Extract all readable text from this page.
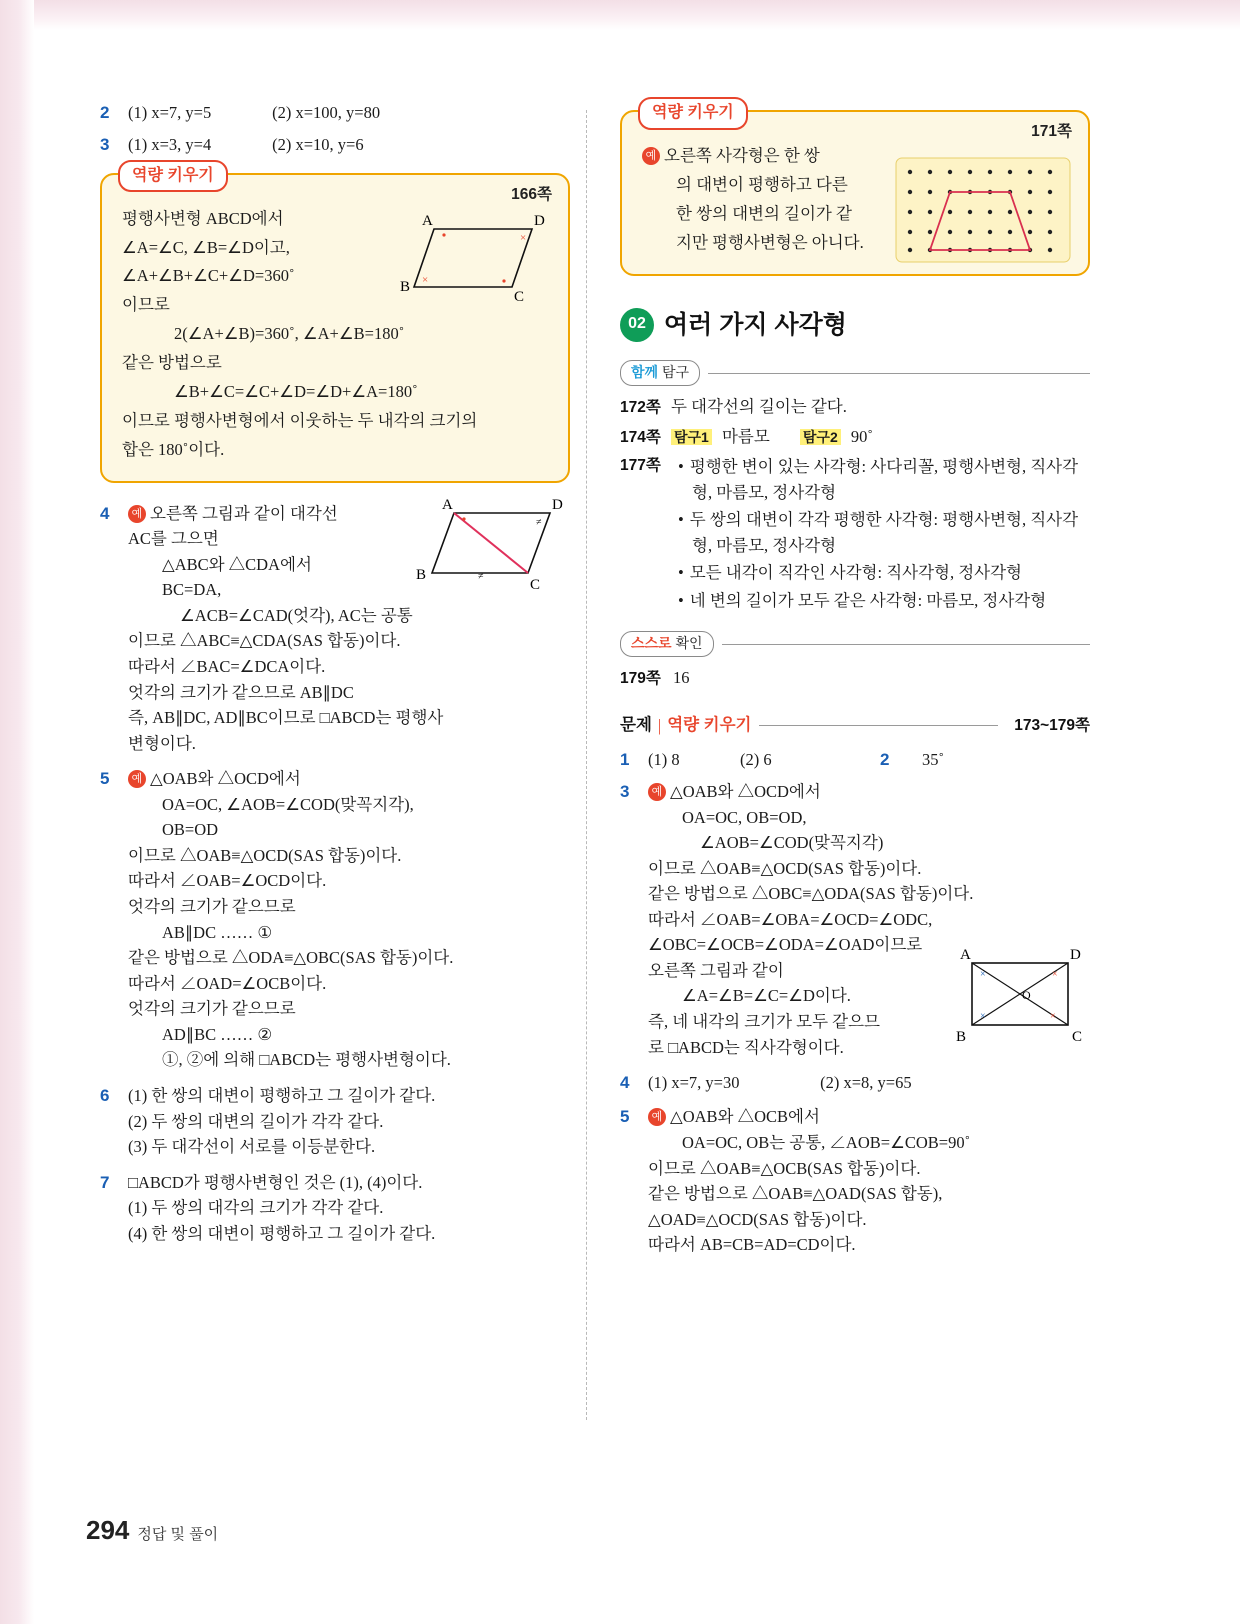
2	(1) x=7, y=5	(2) x=100, y=80
3	(1) x=3, y=4	(2) x=10, y=6
역량 키우기
166쪽
평행사변형 ABCD에서
∠A=∠C, ∠B=∠D이고,
∠A+∠B+∠C+∠D=360˚
이므로
2(∠A+∠B)=360˚, ∠A+∠B=180˚
같은 방법으로
∠B+∠C=∠C+∠D=∠D+∠A=180˚
이므로 평행사변형에서 이웃하는 두 내각의 크기의
합은 180˚이다.
A	D
B
C
×
×
4	예 오른쪽 그림과 같이 대각선
AC를 그으면
△ABC와 △CDA에서
BC=DA,
∠ACB=∠CAD(엇각), AC는 공통
이므로 △ABC≡△CDA(SAS 합동)이다.
따라서 ∠BAC=∠DCA이다.
엇각의 크기가 같으므로 AB∥DC
즉, AB∥DC, AD∥BC이므로 □ABCD는 평행사
변형이다.
A	D
B
C
≠
≠
5	예 △OAB와 △OCD에서
OA=OC, ∠AOB=∠COD(맞꼭지각),
OB=OD
이므로 △OAB≡△OCD(SAS 합동)이다.
따라서 ∠OAB=∠OCD이다.
엇각의 크기가 같으므로
AB∥DC …… ①
같은 방법으로 △ODA≡△OBC(SAS 합동)이다.
따라서 ∠OAD=∠OCB이다.
엇각의 크기가 같으므로
AD∥BC …… ②
①, ②에 의해 □ABCD는 평행사변형이다.
6	(1) 한 쌍의 대변이 평행하고 그 길이가 같다.
(2) 두 쌍의 대변의 길이가 각각 같다.
(3) 두 대각선이 서로를 이등분한다.
7	□ABCD가 평행사변형인 것은 (1), (4)이다.
(1) 두 쌍의 대각의 크기가 각각 같다.
(4) 한 쌍의 대변이 평행하고 그 길이가 같다.
역량 키우기
171쪽
예 오른쪽 사각형은 한 쌍
의 대변이 평행하고 다른
한 쌍의 대변의 길이가 같
지만 평행사변형은 아니다.
02 여러 가지 사각형
함께 탐구
172쪽 두 대각선의 길이는 같다.
174쪽 탐구1 마름모 탐구2 90˚
177쪽	• 평행한 변이 있는 사각형: 사다리꼴, 평행사변형, 직사각형, 마름모, 정사각형
• 두 쌍의 대변이 각각 평행한 사각형: 평행사변형, 직사각형, 마름모, 정사각형
• 모든 내각이 직각인 사각형: 직사각형, 정사각형
• 네 변의 길이가 모두 같은 사각형: 마름모, 정사각형
스스로 확인
179쪽 16
문제 | 역량 키우기	173~179쪽
1	(1) 8	(2) 6	2	35˚
3	예 △OAB와 △OCD에서
OA=OC, OB=OD,
∠AOB=∠COD(맞꼭지각)
이므로 △OAB≡△OCD(SAS 합동)이다.
같은 방법으로 △OBC≡△ODA(SAS 합동)이다.
따라서 ∠OAB=∠OBA=∠OCD=∠ODC,
∠OBC=∠OCB=∠ODA=∠OAD이므로
오른쪽 그림과 같이
∠A=∠B=∠C=∠D이다.
즉, 네 내각의 크기가 모두 같으므
로 □ABCD는 직사각형이다.
A	D
B	C
O
×	×
×	×
4	(1) x=7, y=30	(2) x=8, y=65
5	예 △OAB와 △OCB에서
OA=OC, OB는 공통, ∠AOB=∠COB=90˚
이므로 △OAB≡△OCB(SAS 합동)이다.
같은 방법으로 △OAB≡△OAD(SAS 합동),
△OAD≡△OCD(SAS 합동)이다.
따라서 AB=CB=AD=CD이다.
294 정답 및 풀이
